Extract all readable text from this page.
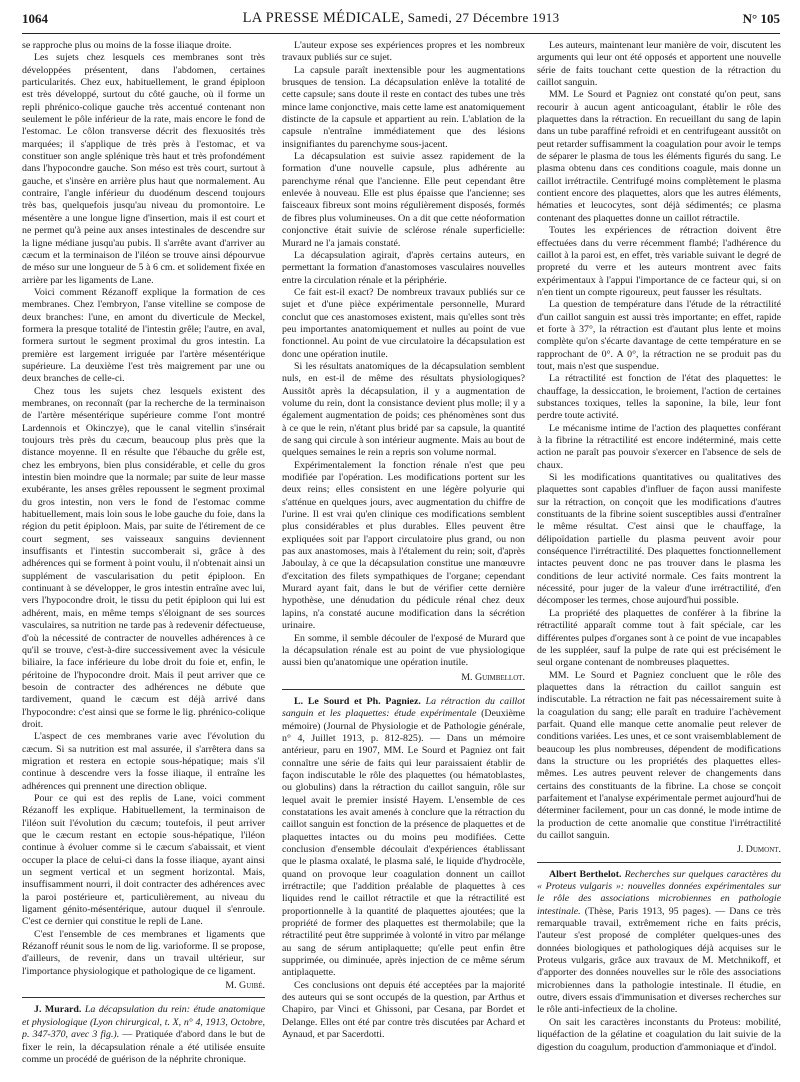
1064	LA PRESSE MÉDICALE, Samedi, 27 Décembre 1913	N° 105

se rapproche plus ou moins de la fosse iliaque droite.

Les sujets chez lesquels ces membranes sont très développées présentent, dans l'abdomen, certaines particularités. Chez eux, habituellement, le grand épiploon est très développé, surtout du côté gauche, où il forme un repli phrénico-colique gauche très accentué contenant non seulement le pôle inférieur de la rate, mais encore le fond de l'estomac. Le côlon transverse décrit des flexuosités très marquées; il s'applique de très près à l'estomac, et va constituer son angle splénique très haut et très profondément dans l'hypocondre gauche. Son méso est très court, surtout à gauche, et s'insère en arrière plus haut que normalement. Au contraire, l'angle inférieur du duodénum descend toujours très bas, quelquefois jusqu'au niveau du promontoire. Le mésentère a une longue ligne d'insertion, mais il est court et ne permet qu'à peine aux anses intestinales de descendre sur la ligne médiane jusqu'au pubis. Il s'arrête avant d'arriver au cæcum et la terminaison de l'iléon se trouve ainsi dépourvue de méso sur une longueur de 5 à 6 cm. et solidement fixée en arrière par les ligaments de Lane.

Voici comment Rézanoff explique la formation de ces membranes. Chez l'embryon, l'anse vitelline se compose de deux branches: l'une, en amont du diverticule de Meckel, formera la presque totalité de l'intestin grêle; l'autre, en aval, formera surtout le segment proximal du gros intestin. La première est largement irriguée par l'artère mésentérique supérieure. La deuxième l'est très maigrement par une ou deux branches de celle-ci.

Chez tous les sujets chez lesquels existent des membranes, on reconnaît (par la recherche de la terminaison de l'artère mésentérique supérieure comme l'ont montré Lardennois et Okinczye), que le canal vitellin s'insérait toujours très près du cæcum, beaucoup plus près que la distance moyenne. Il en résulte que l'ébauche du grêle est, chez les embryons, bien plus considérable, et celle du gros intestin bien moindre que la normale; par suite de leur masse exubérante, les anses grêles repoussent le segment proximal du gros intestin, non vers le fond de l'estomac comme habituellement, mais loin sous le lobe gauche du foie, dans la région du petit épiploon. Mais, par suite de l'étirement de ce court segment, ses vaisseaux sanguins deviennent insuffisants et l'intestin succomberait si, grâce à des adhérences qui se forment à point voulu, il n'obtenait ainsi un supplément de vascularisation du petit épiploon. En continuant à se développer, le gros intestin entraîne avec lui, vers l'hypocondre droit, le tissu du petit épiploon qui lui est adhérent, mais, en même temps s'éloignant de ses sources vasculaires, sa nutrition ne tarde pas à redevenir défectueuse, d'où la nécessité de contracter de nouvelles adhérences à ce qu'il se trouve, c'est-à-dire successivement avec la vésicule biliaire, la face inférieure du lobe droit du foie et, enfin, le péritoine de l'hypocondre droit. Mais il peut arriver que ce besoin de contracter des adhérences ne débute que tardivement, quand le cæcum est déjà arrivé dans l'hypocondre: c'est ainsi que se forme le lig. phrénico-colique droit.

L'aspect de ces membranes varie avec l'évolution du cæcum. Si sa nutrition est mal assurée, il s'arrêtera dans sa migration et restera en ectopie sous-hépatique; mais s'il continue à descendre vers la fosse iliaque, il entraîne les adhérences qui prennent une direction oblique.

Pour ce qui est des replis de Lane, voici comment Rézanoff les explique. Habituellement, la terminaison de l'iléon suit l'évolution du cæcum; toutefois, il peut arriver que le cæcum restant en ectopie sous-hépatique, l'iléon continue à évoluer comme si le cæcum s'abaissait, et vient occuper la place de celui-ci dans la fosse iliaque, ayant ainsi un segment vertical et un segment horizontal. Mais, insuffisamment nourri, il doit contracter des adhérences avec la paroi postérieure et, particulièrement, au niveau du ligament génito-mésentérique, autour duquel il s'enroule. C'est ce dernier qui constitue le repli de Lane.

C'est l'ensemble de ces membranes et ligaments que Rézanoff réunit sous le nom de lig. varioforme. Il se propose, d'ailleurs, de revenir, dans un travail ultérieur, sur l'importance physiologique et pathologique de ce ligament.

M. Guibé.

J. Murard. La décapsulation du rein: étude anatomique et physiologique (Lyon chirurgical, t. X, n° 4, 1913, Octobre, p. 347-370, avec 3 fig.). — Pratiquée d'abord dans le but de fixer le rein, la décapsulation rénale a été utilisée ensuite comme un procédé de guérison de la néphrite chronique.

L'auteur expose ses expériences propres et les nombreux travaux publiés sur ce sujet.

La capsule paraît inextensible pour les augmentations brusques de tension. La décapsulation enlève la totalité de cette capsule; sans doute il reste en contact des tubes une très mince lame conjonctive, mais cette lame est anatomiquement distincte de la capsule et appartient au rein. L'ablation de la capsule n'entraîne immédiatement que des lésions insignifiantes du parenchyme sous-jacent.

La décapsulation est suivie assez rapidement de la formation d'une nouvelle capsule, plus adhérente au parenchyme rénal que l'ancienne. Elle peut cependant être enlevée à nouveau. Elle est plus épaisse que l'ancienne; ses faisceaux fibreux sont moins régulièrement disposés, formés de fibres plus volumineuses. On a dit que cette néoformation conjonctive était suivie de sclérose rénale superficielle: Murard ne l'a jamais constaté.

La décapsulation agirait, d'après certains auteurs, en permettant la formation d'anastomoses vasculaires nouvelles entre la circulation rénale et la périphérie.

Ce fait est-il exact? De nombreux travaux publiés sur ce sujet et d'une pièce expérimentale personnelle, Murard conclut que ces anastomoses existent, mais qu'elles sont très peu importantes anatomiquement et nulles au point de vue fonctionnel. Au point de vue circulatoire la décapsulation est donc une opération inutile.

Si les résultats anatomiques de la décapsulation semblent nuls, en est-il de même des résultats physiologiques? Aussitôt après la décapsulation, il y a augmentation de volume du rein, dont la consistance devient plus molle; il y a également augmentation de poids; ces phénomènes sont dus à ce que le rein, n'étant plus bridé par sa capsule, la quantité de sang qui circule à son intérieur augmente. Mais au bout de quelques semaines le rein a repris son volume normal.

Expérimentalement la fonction rénale n'est que peu modifiée par l'opération. Les modifications portent sur les deux reins; elles consistent en une légère polyurie qui s'atténue en quelques jours, avec augmentation du chiffre de l'urine. Il est vrai qu'en clinique ces modifications semblent plus considérables et plus durables. Elles peuvent être expliquées soit par l'apport circulatoire plus grand, ou non pas aux anastomoses, mais à l'étalement du rein; soit, d'après Jaboulay, à ce que la décapsulation constitue une manœuvre d'excitation des filets sympathiques de l'organe; cependant Murard ayant fait, dans le but de vérifier cette dernière hypothèse, une dénudation du pédicule rénal chez deux lapins, n'a constaté aucune modification dans la sécrétion urinaire.

En somme, il semble découler de l'exposé de Murard que la décapsulation rénale est au point de vue physiologique aussi bien qu'anatomique une opération inutile.

M. Guimbellot.

L. Le Sourd et Ph. Pagniez. La rétraction du caillot sanguin et les plaquettes: étude expérimentale (Deuxième mémoire) (Journal de Physiologie et de Pathologie générale, n° 4, Juillet 1913, p. 812-825). — Dans un mémoire antérieur, paru en 1907, MM. Le Sourd et Pagniez ont fait connaître une série de faits qui leur paraissaient établir de façon indiscutable le rôle des plaquettes (ou hématoblastes, ou globulins) dans la rétraction du caillot sanguin, rôle sur lequel avait le premier insisté Hayem. L'ensemble de ces constatations les avait amenés à conclure que la rétraction du caillot sanguin est fonction de la présence de plaquettes et de plaquettes intactes ou du moins peu modifiées. Cette conclusion d'ensemble découlait d'expériences établissant que le plasma oxalaté, le plasma salé, le liquide d'hydrocèle, quand on provoque leur coagulation donnent un caillot irrétractile; que l'addition préalable de plaquettes à ces liquides rend le caillot rétractile et que la rétractilité est proportionnelle à la quantité de plaquettes ajoutées; que la propriété de former des plaquettes est thermolabile; que la rétractilité peut être supprimée à volonté in vitro par mélange au sang de sérum antiplaquette; qu'elle peut enfin être supprimée, ou diminuée, après injection de ce même sérum antiplaquette.

Ces conclusions ont depuis été acceptées par la majorité des auteurs qui se sont occupés de la question, par Arthus et Chapiro, par Vinci et Ghissoni, par Cesana, par Bordet et Delange. Elles ont été par contre très discutées par Achard et Aynaud, et par Sacerdotti.

Les auteurs, maintenant leur manière de voir, discutent les arguments qui leur ont été opposés et apportent une nouvelle série de faits touchant cette question de la rétraction du caillot sanguin.

MM. Le Sourd et Pagniez ont constaté qu'on peut, sans recourir à aucun agent anticoagulant, établir le rôle des plaquettes dans la rétraction. En recueillant du sang de lapin dans un tube paraffiné refroidi et en centrifugeant aussitôt on peut retarder suffisamment la coagulation pour avoir le temps de séparer le plasma de tous les éléments figurés du sang. Le plasma obtenu dans ces conditions coagule, mais donne un caillot irrétractile. Centrifugé moins complètement le plasma contient encore des plaquettes, alors que les autres éléments, hématies et leucocytes, sont déjà sédimentés; ce plasma contenant des plaquettes donne un caillot rétractile.

Toutes les expériences de rétraction doivent être effectuées dans du verre récemment flambé; l'adhérence du caillot à la paroi est, en effet, très variable suivant le degré de propreté du verre et les auteurs montrent avec faits expérimentaux à l'appui l'importance de ce facteur qui, si on n'en tient un compte rigoureux, peut fausser les résultats.

La question de température dans l'étude de la rétractilité d'un caillot sanguin est aussi très importante; en effet, rapide et forte à 37°, la rétraction est d'autant plus lente et moins complète qu'on s'écarte davantage de cette température en se rapprochant de 0°. A 0°, la rétraction ne se produit pas du tout, mais n'est que suspendue.

La rétractilité est fonction de l'état des plaquettes: le chauffage, la dessiccation, le broiement, l'action de certaines substances toxiques, telles la saponine, la bile, leur font perdre toute activité.

Le mécanisme intime de l'action des plaquettes conférant à la fibrine la rétractilité est encore indéterminé, mais cette action ne paraît pas pouvoir s'exercer en l'absence de sels de chaux.

Si les modifications quantitatives ou qualitatives des plaquettes sont capables d'influer de façon aussi manifeste sur la rétraction, on conçoit que les modifications d'autres constituants de la fibrine soient susceptibles aussi d'entraîner le même résultat. C'est ainsi que le chauffage, la délipoïdation partielle du plasma peuvent avoir pour conséquence l'irrétractilité. Des plaquettes fonctionnellement intactes peuvent donc ne pas trouver dans le plasma les conditions de leur activité normale. Ces faits montrent la nécessité, pour juger de la valeur d'une irrétractilité, d'en décomposer les termes, chose aujourd'hui possible.

La propriété des plaquettes de conférer à la fibrine la rétractilité apparaît comme tout à fait spéciale, car les différentes pulpes d'organes sont à ce point de vue incapables de les suppléer, sauf la pulpe de rate qui est précisément le seul organe contenant de nombreuses plaquettes.

MM. Le Sourd et Pagniez concluent que le rôle des plaquettes dans la rétraction du caillot sanguin est indiscutable. La rétraction ne fait pas nécessairement suite à la coagulation du sang; elle paraît en traduire l'achèvement parfait. Quand elle manque cette anomalie peut relever de conditions variées. Les unes, et ce sont vraisemblablement de beaucoup les plus nombreuses, dépendent de modifications dans la structure ou les propriétés des plaquettes elles-mêmes. Les autres peuvent relever de changements dans certains des constituants de la fibrine. La chose se conçoit parfaitement et l'analyse expérimentale permet aujourd'hui de déterminer facilement, pour un cas donné, le mode intime de la production de cette anomalie que constitue l'irrétractilité du caillot sanguin.

J. Dumont.

Albert Berthelot. Recherches sur quelques caractères du « Proteus vulgaris »: nouvelles données expérimentales sur le rôle des associations microbiennes en pathologie intestinale. (Thèse, Paris 1913, 95 pages). — Dans ce très remarquable travail, extrêmement riche en faits précis, l'auteur s'est proposé de compléter quelques-unes des données biologiques et pathologiques déjà acquises sur le Proteus vulgaris, grâce aux travaux de M. Metchnikoff, et d'apporter des données nouvelles sur le rôle des associations microbiennes dans la pathologie intestinale. Il étudie, en outre, divers essais d'immunisation et diverses recherches sur le rôle anti-infectieux de la choline.

On sait les caractères inconstants du Proteus: mobilité, liquéfaction de la gélatine et coagulation du lait suivie de la digestion du coagulum, production d'ammoniaque et d'indol.
